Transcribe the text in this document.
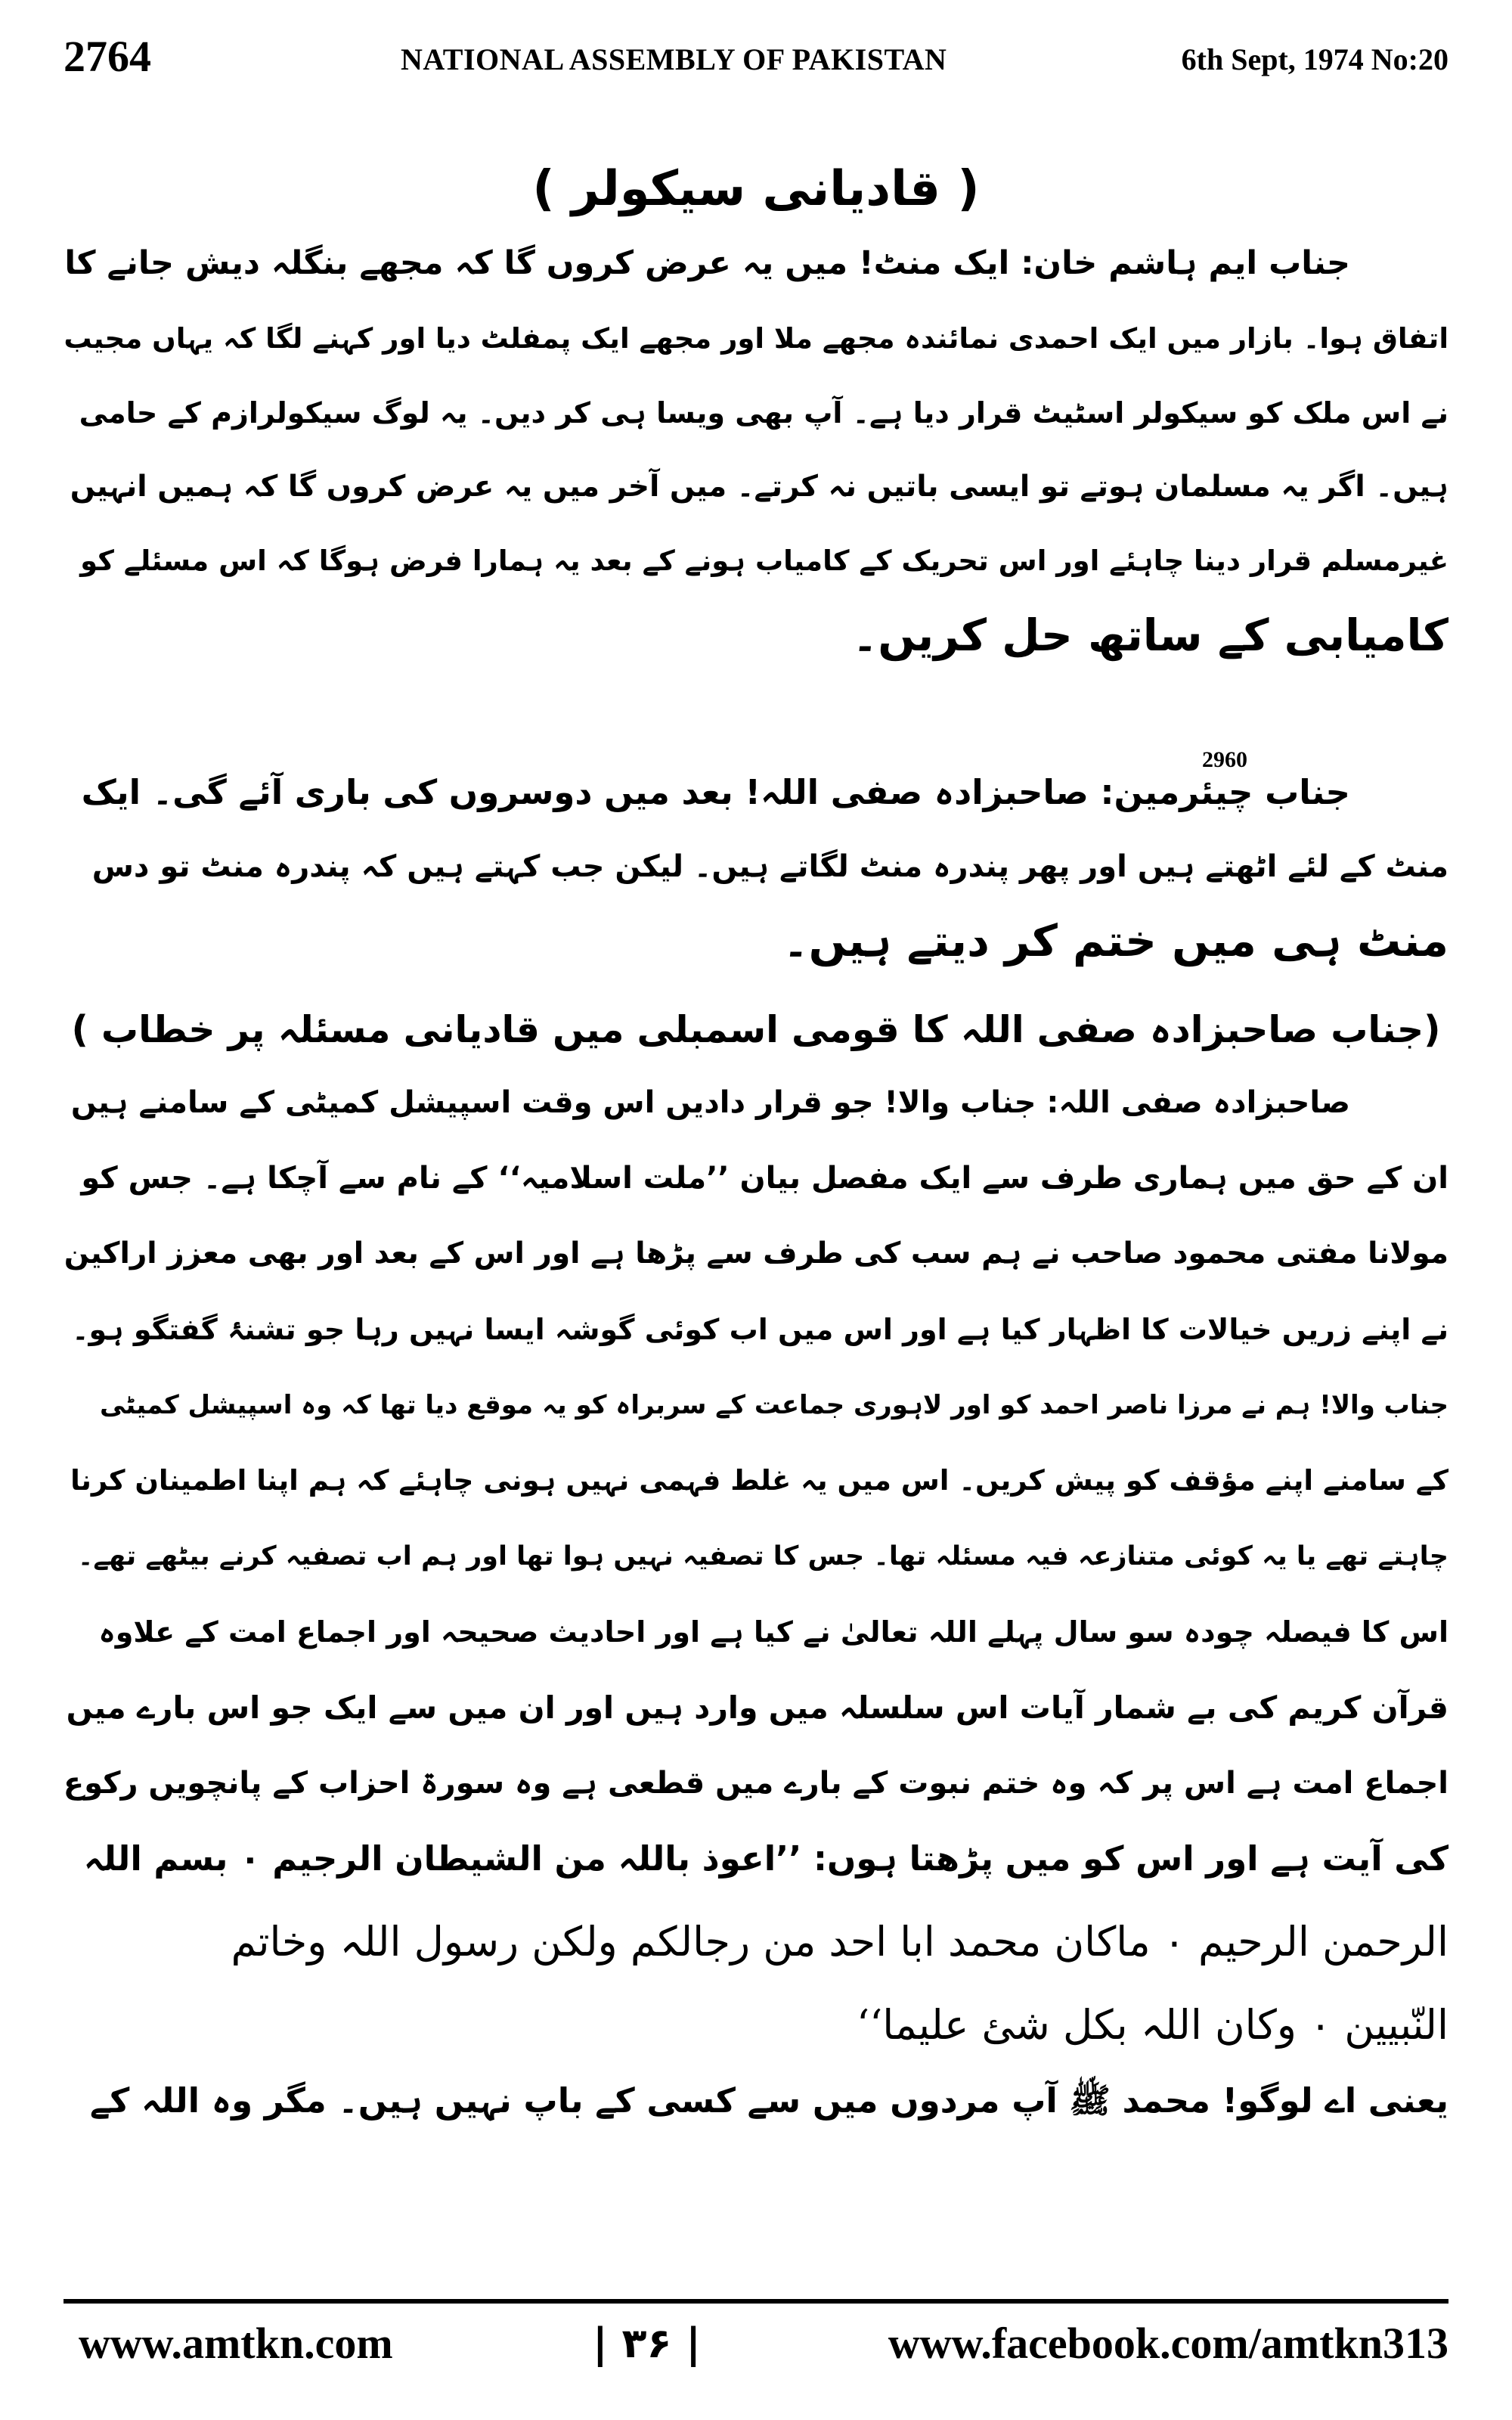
2764	NATIONAL ASSEMBLY OF PAKISTAN	6th Sept, 1974 No:20
( قادیانی سیکولر )
جناب ایم ہاشم خان: ایک منٹ! میں یہ عرض کروں گا کہ مجھے بنگلہ دیش جانے کا
اتفاق ہوا۔ بازار میں ایک احمدی نمائندہ مجھے ملا اور مجھے ایک پمفلٹ دیا اور کہنے لگا کہ یہاں مجیب
نے اس ملک کو سیکولر اسٹیٹ قرار دیا ہے۔ آپ بھی ویسا ہی کر دیں۔ یہ لوگ سیکولرازم کے حامی
ہیں۔ اگر یہ مسلمان ہوتے تو ایسی باتیں نہ کرتے۔ میں آخر میں یہ عرض کروں گا کہ ہمیں انہیں
غیرمسلم قرار دینا چاہئے اور اس تحریک کے کامیاب ہونے کے بعد یہ ہمارا فرض ہوگا کہ اس مسئلے کو
کامیابی کے ساتھ حل کریں۔
2960
جناب چیئرمین: صاحبزادہ صفی اللہ! بعد میں دوسروں کی باری آئے گی۔ ایک
منٹ کے لئے اٹھتے ہیں اور پھر پندرہ منٹ لگاتے ہیں۔ لیکن جب کہتے ہیں کہ پندرہ منٹ تو دس
منٹ ہی میں ختم کر دیتے ہیں۔
(جناب صاحبزادہ صفی اللہ کا قومی اسمبلی میں قادیانی مسئلہ پر خطاب )
صاحبزادہ صفی اللہ: جناب والا! جو قرار دادیں اس وقت اسپیشل کمیٹی کے سامنے ہیں
ان کے حق میں ہماری طرف سے ایک مفصل بیان ’’ملت اسلامیہ‘‘ کے نام سے آچکا ہے۔ جس کو
مولانا مفتی محمود صاحب نے ہم سب کی طرف سے پڑھا ہے اور اس کے بعد اور بھی معزز اراکین
نے اپنے زریں خیالات کا اظہار کیا ہے اور اس میں اب کوئی گوشہ ایسا نہیں رہا جو تشنۂ گفتگو ہو۔
جناب والا! ہم نے مرزا ناصر احمد کو اور لاہوری جماعت کے سربراہ کو یہ موقع دیا تھا کہ وہ اسپیشل کمیٹی
کے سامنے اپنے مؤقف کو پیش کریں۔ اس میں یہ غلط فہمی نہیں ہونی چاہئے کہ ہم اپنا اطمینان کرنا
چاہتے تھے یا یہ کوئی متنازعہ فیہ مسئلہ تھا۔ جس کا تصفیہ نہیں ہوا تھا اور ہم اب تصفیہ کرنے بیٹھے تھے۔
اس کا فیصلہ چودہ سو سال پہلے اللہ تعالیٰ نے کیا ہے اور احادیث صحیحہ اور اجماع امت کے علاوہ
قرآن کریم کی بے شمار آیات اس سلسلہ میں وارد ہیں اور ان میں سے ایک جو اس بارے میں
اجماع امت ہے اس پر کہ وہ ختم نبوت کے بارے میں قطعی ہے وہ سورۃ احزاب کے پانچویں رکوع
کی آیت ہے اور اس کو میں پڑھتا ہوں: ’’اعوذ باللہ من الشیطان الرجیم ۰ بسم اللہ
الرحمن الرحیم ۰ ماکان محمد ابا احد من رجالکم ولکن رسول اللہ وخاتم
النّبیین ۰ وکان اللہ بکل شئ علیما‘‘
یعنی اے لوگو! محمد ﷺ آپ مردوں میں سے کسی کے باپ نہیں ہیں۔ مگر وہ اللہ کے
www.amtkn.com	| ۳۶ |	www.facebook.com/amtkn313
